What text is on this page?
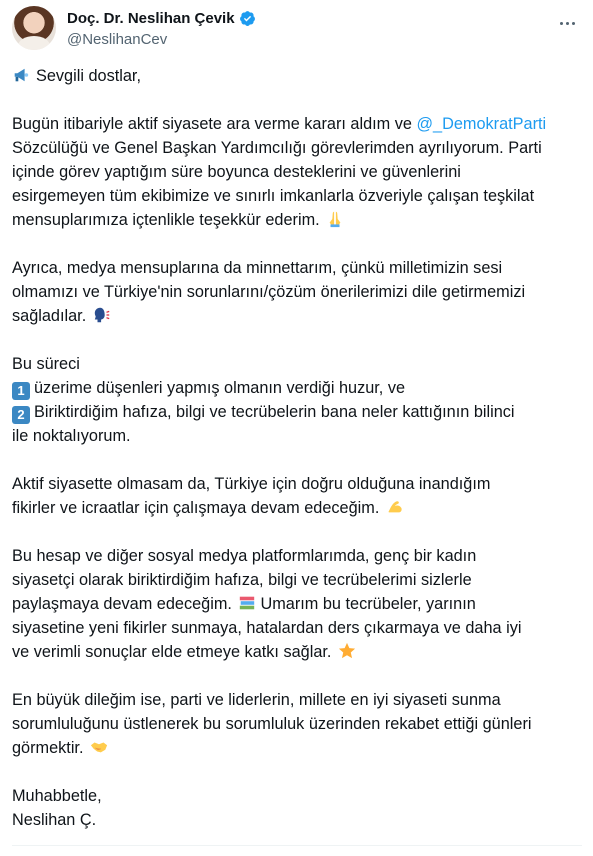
Doç. Dr. Neslihan Çevik
@NeslihanCev

Sevgili dostlar,

Bugün itibariyle aktif siyasete ara verme kararı aldım ve @_DemokratParti
Sözcülüğü ve Genel Başkan Yardımcılığı görevlerimden ayrılıyorum. Parti
içinde görev yaptığım süre boyunca desteklerini ve güvenlerini
esirgemeyen tüm ekibimize ve sınırlı imkanlarla özveriyle çalışan teşkilat
mensuplarımıza içtenlikle teşekkür ederim.

Ayrıca, medya mensuplarına da minnettarım, çünkü milletimizin sesi
olmamızı ve Türkiye'nin sorunlarını/çözüm önerilerimizi dile getirmemizi
sağladılar.

Bu süreci
1 üzerime düşenleri yapmış olmanın verdiği huzur, ve
2 Biriktirdiğim hafıza, bilgi ve tecrübelerin bana neler kattığının bilinci
ile noktalıyorum.

Aktif siyasette olmasam da, Türkiye için doğru olduğuna inandığım
fikirler ve icraatlar için çalışmaya devam edeceğim.

Bu hesap ve diğer sosyal medya platformlarımda, genç bir kadın
siyasetçi olarak biriktirdiğim hafıza, bilgi ve tecrübelerimi sizlerle
paylaşmaya devam edeceğim. Umarım bu tecrübeler, yarının
siyasetine yeni fikirler sunmaya, hatalardan ders çıkarmaya ve daha iyi
ve verimli sonuçlar elde etmeye katkı sağlar.

En büyük dileğim ise, parti ve liderlerin, millete en iyi siyaseti sunma
sorumluluğunu üstlenerek bu sorumluluk üzerinden rekabet ettiği günleri
görmektir.

Muhabbetle,
Neslihan Ç.
